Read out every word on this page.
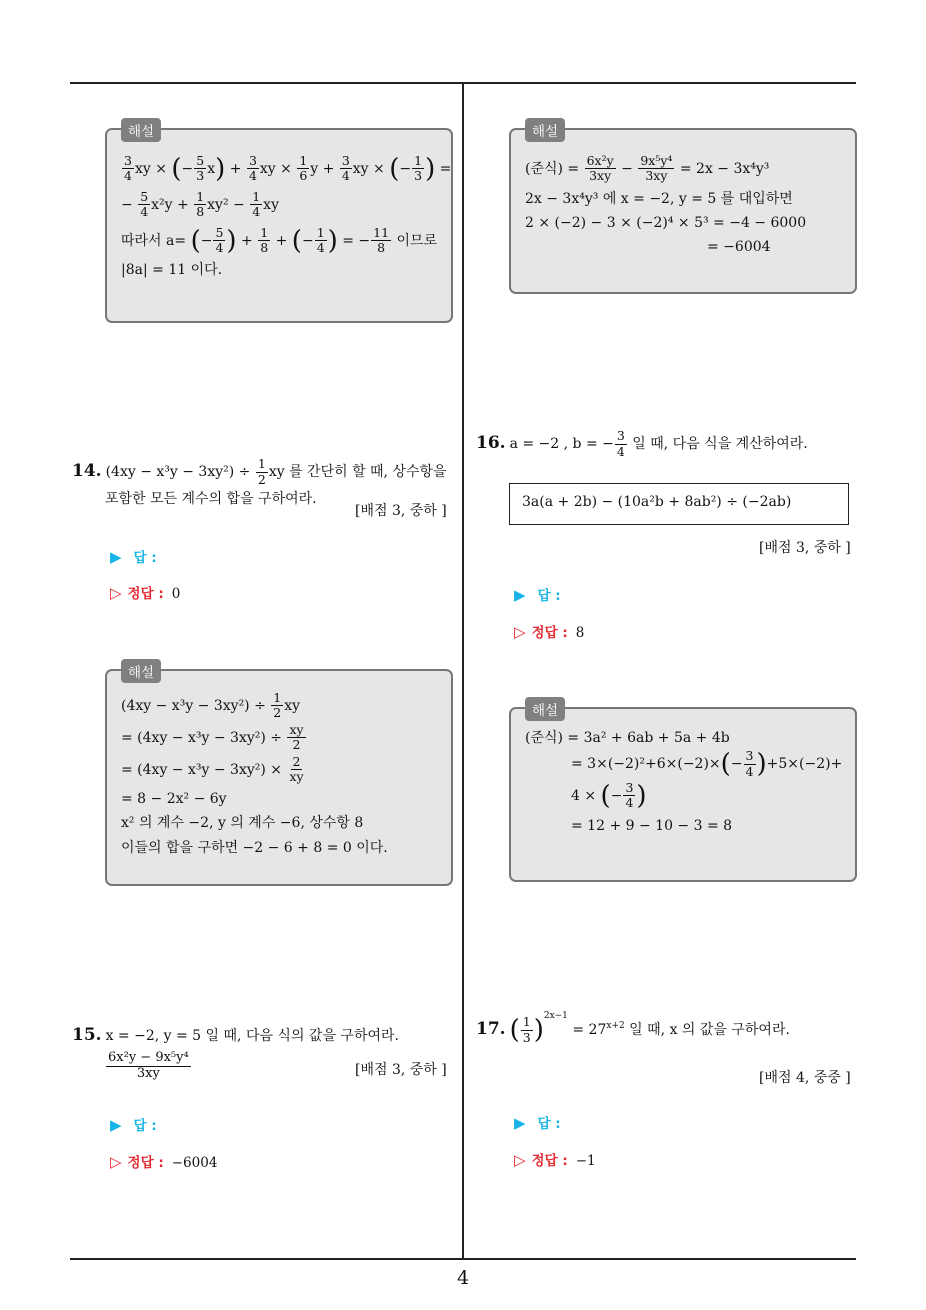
해설
$\frac{3}{4}$ xy × (− $\frac{5}{3} x) + \frac{3}{4}$ xy × $\frac{1}{6}$ $y + \frac{3}{4}$ xy × (− $\frac{1}{3}$ ) =
− $\frac{5}{4} x^2y + \frac{1}{8} xy^2 - \frac{1}{4}$ xy
따라서 a= (− $\frac{5}{4}$ ) + $\frac{1}{8}$ + (− $\frac{1}{4}$ ) = − $\frac{11}{8}$ 이므로
|8a| = 11 이다.
해설
(준식) = $\frac{\text{6x²y}}{3xy} - \frac{\text{9x⁵y⁴}}{3xy} = 2x - 3x^4y^3$
2x − 3x⁴y³ 에 x = −2, y = 5 를 대입하면
2 × (−2) − 3 × (−2)⁴ × 5³ = −4 − 6000
= −6004
14. $(4xy - x^3y - 3xy^2) \div \frac{1}{2}$ xy 를 간단히 할 때, 상수항을
포함한 모든 계수의 합을 구하여라.
[배점 3, 중하 ]
▶ 답 :
▷ 정답 : 0
해설
$(4xy - x^3y - 3xy^2) \div \frac{1}{2}$ xy
= $(4xy - x^3y - 3xy^2) \div \frac{xy}{2}$
= $(4xy - x^3y - 3xy^2) \times \frac{2}{xy}$
= 8 − 2x² − 6y
x² 의 계수 −2, y 의 계수 −6, 상수항 8
이들의 합을 구하면 −2 − 6 + 8 = 0 이다.
15. x = −2, y = 5 일 때, 다음 식의 값을 구하여라.
$\frac{\text{6x²y − 9x⁵y⁴}}{3xy}$	[배점 3, 중하 ]
▶ 답 :
▷ 정답 : −6004
16. a = −2 , b = − $\frac{3}{4}$ 일 때, 다음 식을 계산하여라.
3a(a + 2b) − (10a²b + 8ab²) ÷ (−2ab)
[배점 3, 중하 ]
▶ 답 :
▷ 정답 : 8
해설
(준식) = 3a² + 6ab + 5a + 4b
= $3\times(-2)^2+6\times(-2)\times(- \frac{3}{4} )+5\times(-2)+$
4 × (− $\frac{3}{4}$ )
= 12 + 9 − 10 − 3 = 8
17. ( $\frac{1}{3} )^{2x-1} = 27^{x+2}$ 일 때, x 의 값을 구하여라.
[배점 4, 중중 ]
▶ 답 :
▷ 정답 : −1
4
